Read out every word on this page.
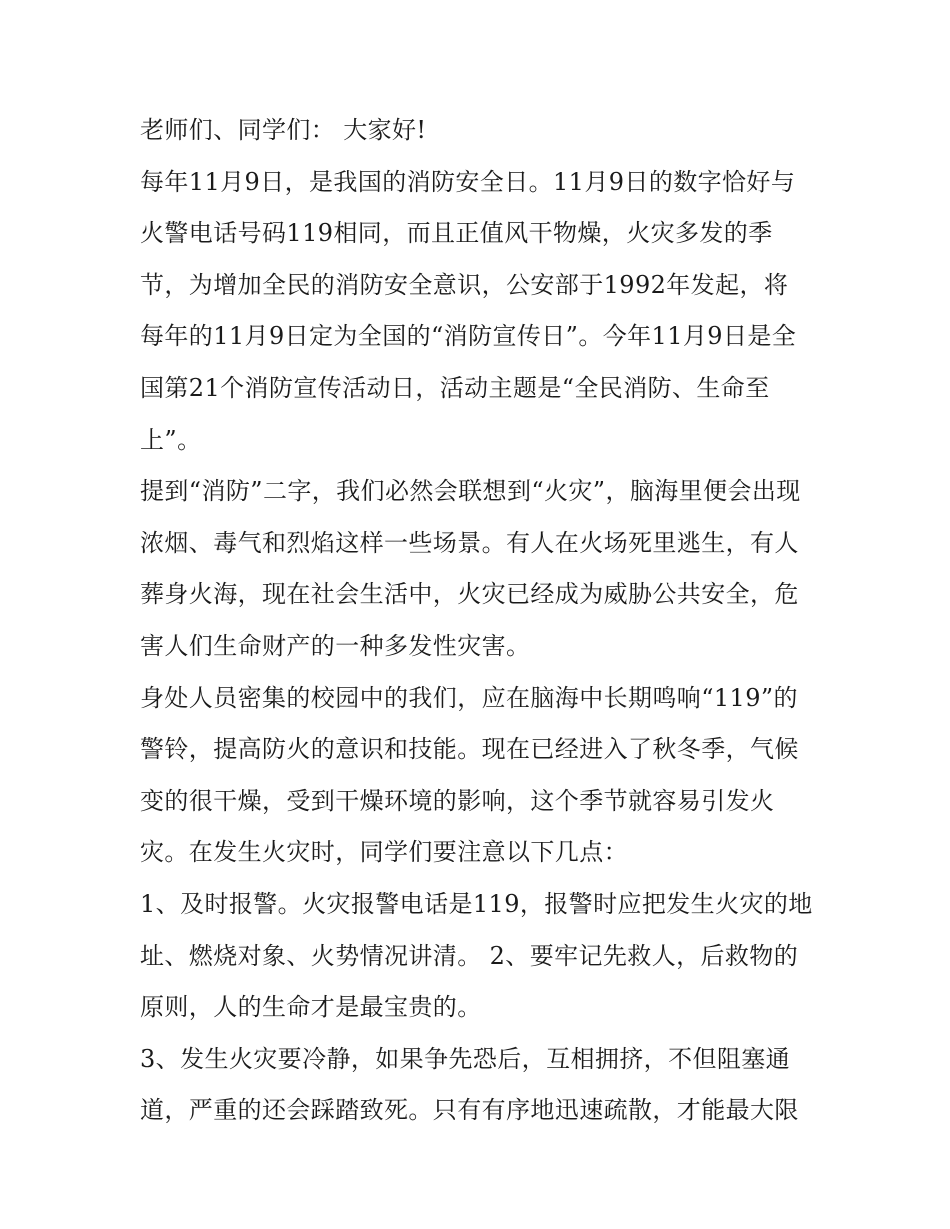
老师们、同学们： 大家好!
每年11月9日，是我国的消防安全日。11月9日的数字恰好与
火警电话号码119相同，而且正值风干物燥，火灾多发的季
节，为增加全民的消防安全意识，公安部于1992年发起，将
每年的11月9日定为全国的“消防宣传日”。今年11月9日是全
国第21个消防宣传活动日，活动主题是“全民消防、生命至
上”。
提到“消防”二字，我们必然会联想到“火灾”，脑海里便会出现
浓烟、毒气和烈焰这样一些场景。有人在火场死里逃生，有人
葬身火海，现在社会生活中，火灾已经成为威胁公共安全，危
害人们生命财产的一种多发性灾害。
身处人员密集的校园中的我们，应在脑海中长期鸣响“119”的
警铃，提高防火的意识和技能。现在已经进入了秋冬季，气候
变的很干燥，受到干燥环境的影响，这个季节就容易引发火
灾。在发生火灾时，同学们要注意以下几点：
1、及时报警。火灾报警电话是119，报警时应把发生火灾的地
址、燃烧对象、火势情况讲清。 2、要牢记先救人，后救物的
原则，人的生命才是最宝贵的。
3、发生火灾要冷静，如果争先恐后，互相拥挤，不但阻塞通
道，严重的还会踩踏致死。只有有序地迅速疏散，才能最大限
